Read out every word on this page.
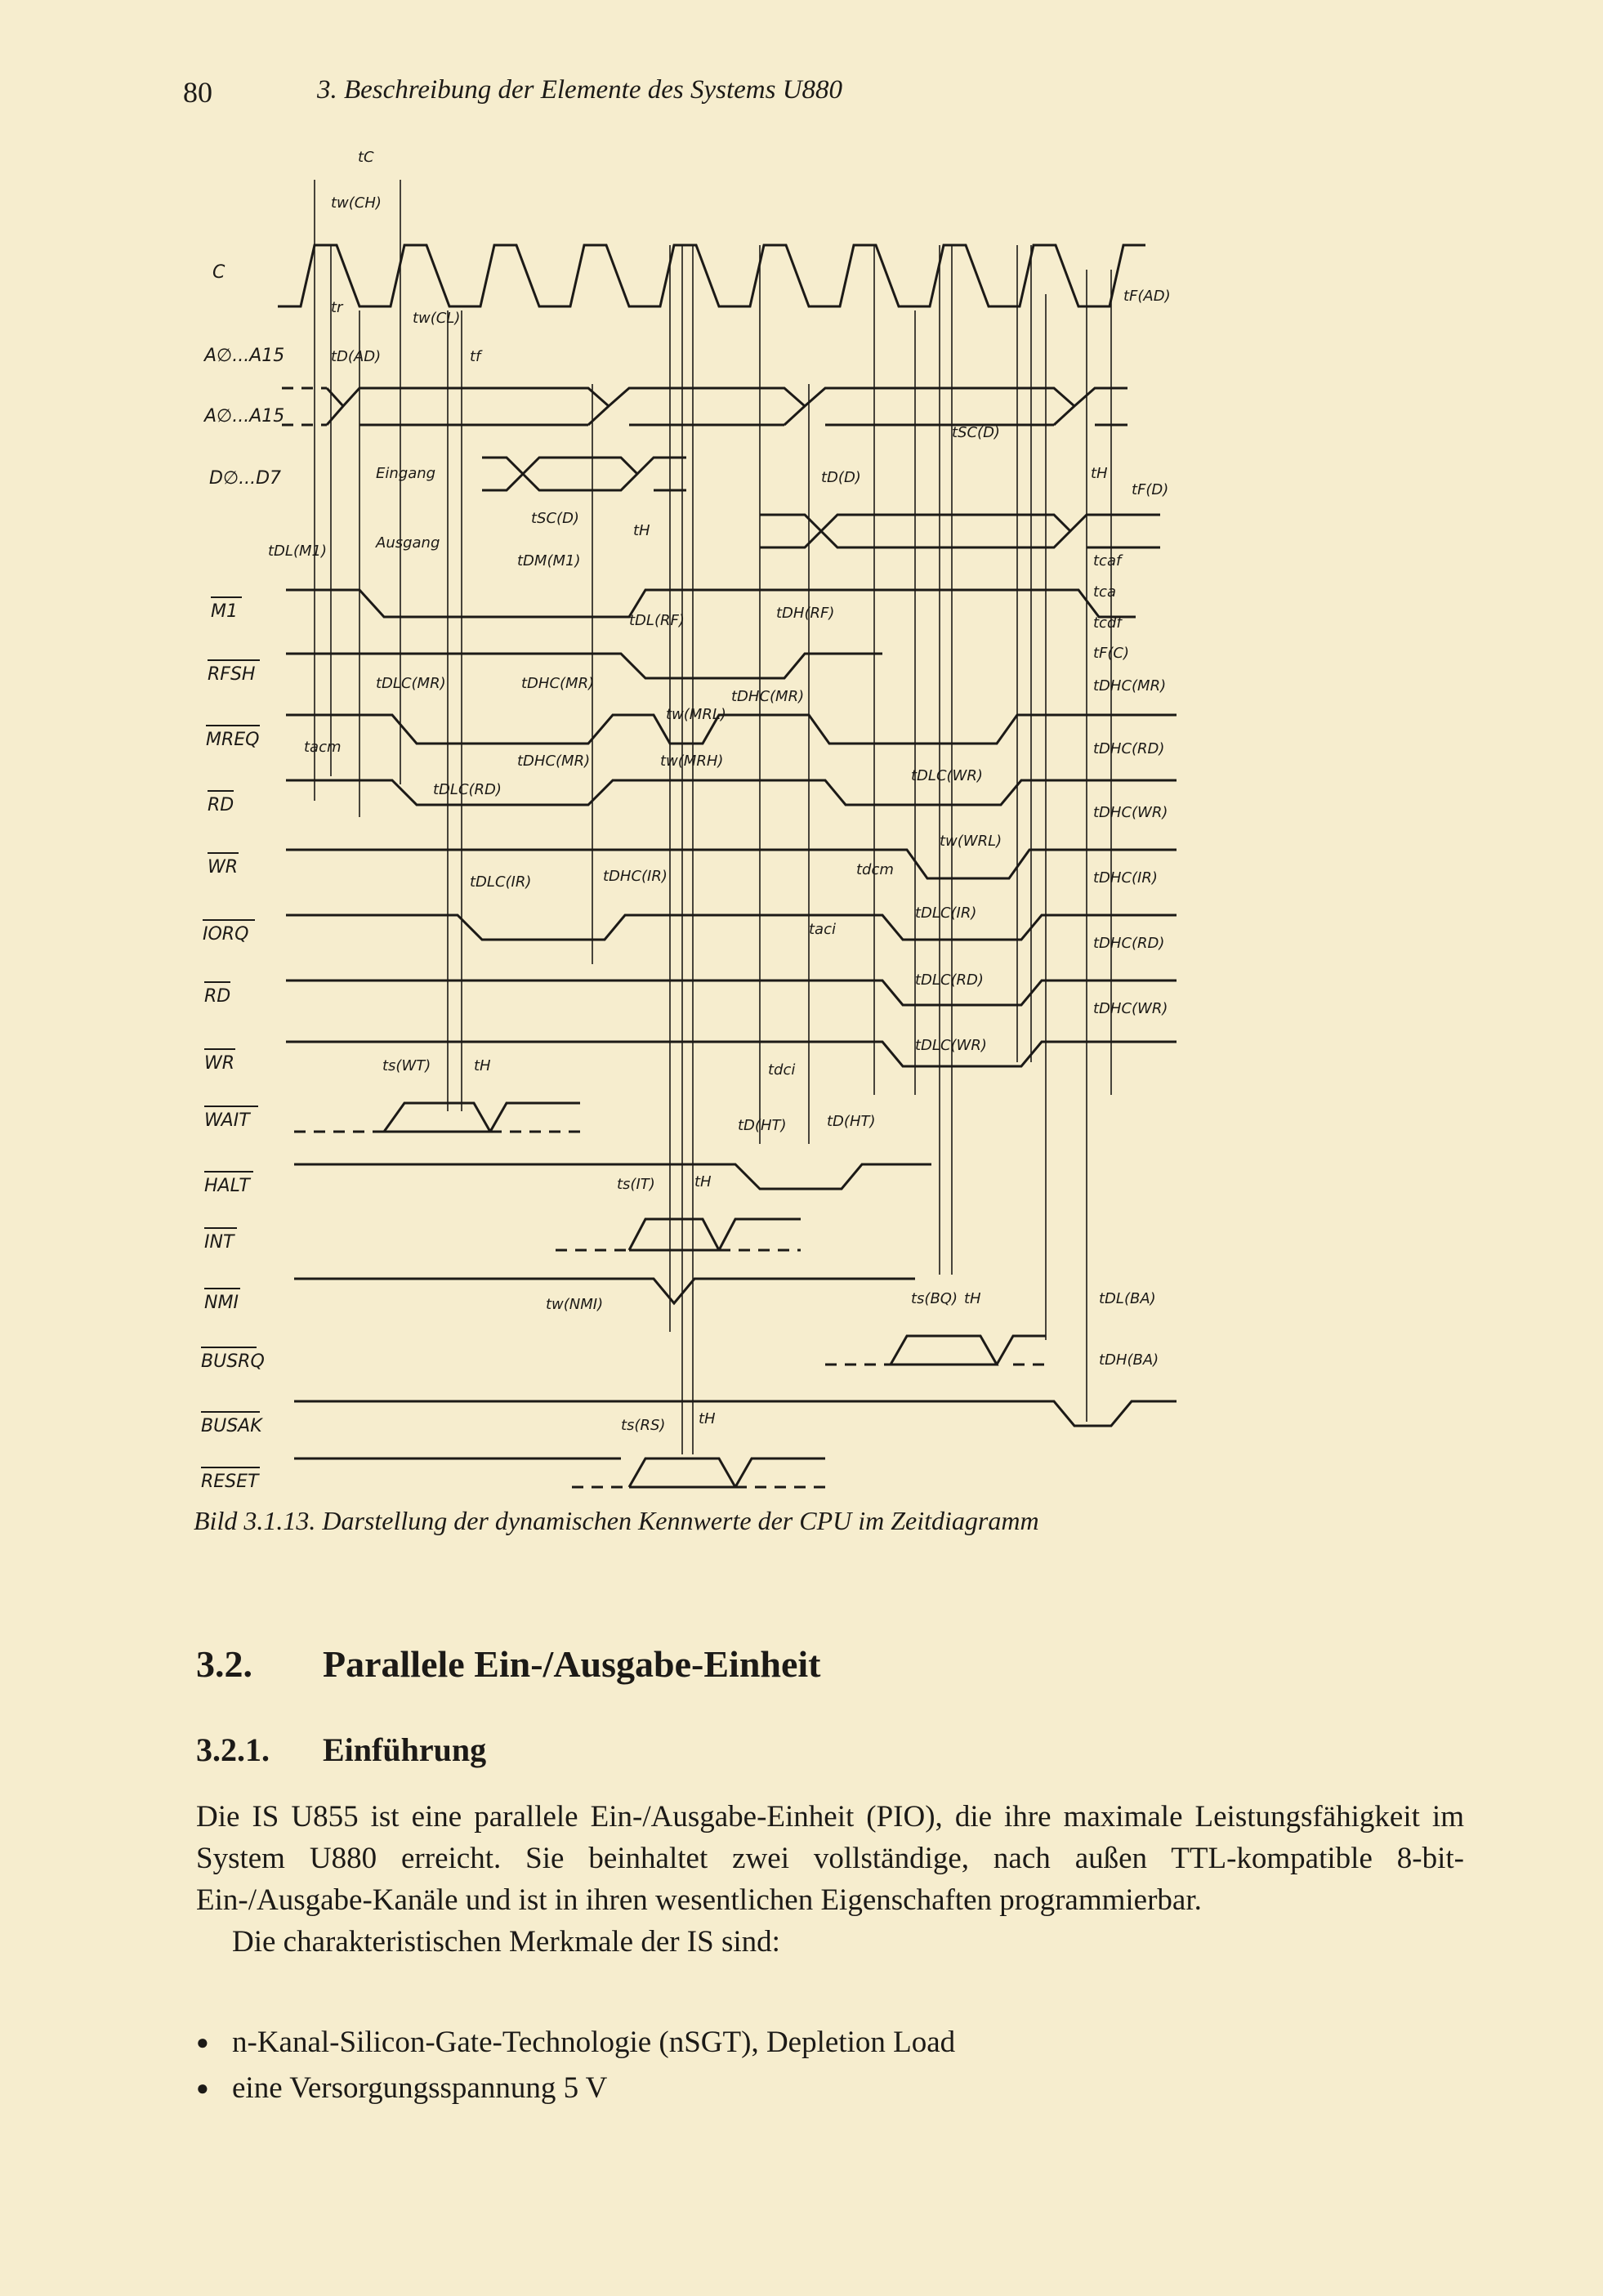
80	3. Beschreibung der Elemente des Systems U880
C
A∅...A15
A∅...A15
D∅...D7
M1
RFSH
MREQ
RD
WR
IORQ
RD
WR
WAIT
HALT
INT
NMI
BUSRQ
BUSAK
RESET
tC
tw(CH)
tr
tw(CL)
tD(AD)	tf
tF(AD)
tSC(D)
Eingang	tD(D)	tH
tF(D)
tSC(D)
tH
tDL(M1)	Ausgang
tDM(M1)	tcaf
tca
tDH(RF)
tDL(RF)	tcdf
tF(C)
tDLC(MR)	tDHC(MR)	tDHC(MR)
tDHC(MR)
tw(MRL)
tacm
tDHC(MR)	tw(MRH)
tDHC(RD)
tDLC(RD)
tDLC(WR)
tDHC(WR)
tw(WRL)
tDLC(IR)	tDHC(IR)	tdcm	tDHC(IR)
tDLC(IR)
taci
tDHC(RD)
tDLC(RD)
tDHC(WR)
tDLC(WR)
ts(WT)	tH	tdci
tD(HT)	tD(HT)
ts(IT)	tH
tw(NMI)	ts(BQ) tH	tDL(BA)
tDH(BA)
ts(RS) tH
Bild 3.1.13. Darstellung der dynamischen Kennwerte der CPU im Zeitdiagramm
3.2. Parallele Ein-/Ausgabe-Einheit
3.2.1. Einführung

Die IS U855 ist eine parallele Ein-/Ausgabe-Einheit (PIO), die ihre maximale Leistungsfähigkeit im System U880 erreicht. Sie beinhaltet zwei vollständige, nach außen TTL-kompatible 8-bit-Ein-/Ausgabe-Kanäle und ist in ihren wesentlichen Eigenschaften programmierbar.

Die charakteristischen Merkmale der IS sind:

● n-Kanal-Silicon-Gate-Technologie (nSGT), Depletion Load
● eine Versorgungsspannung 5 V
